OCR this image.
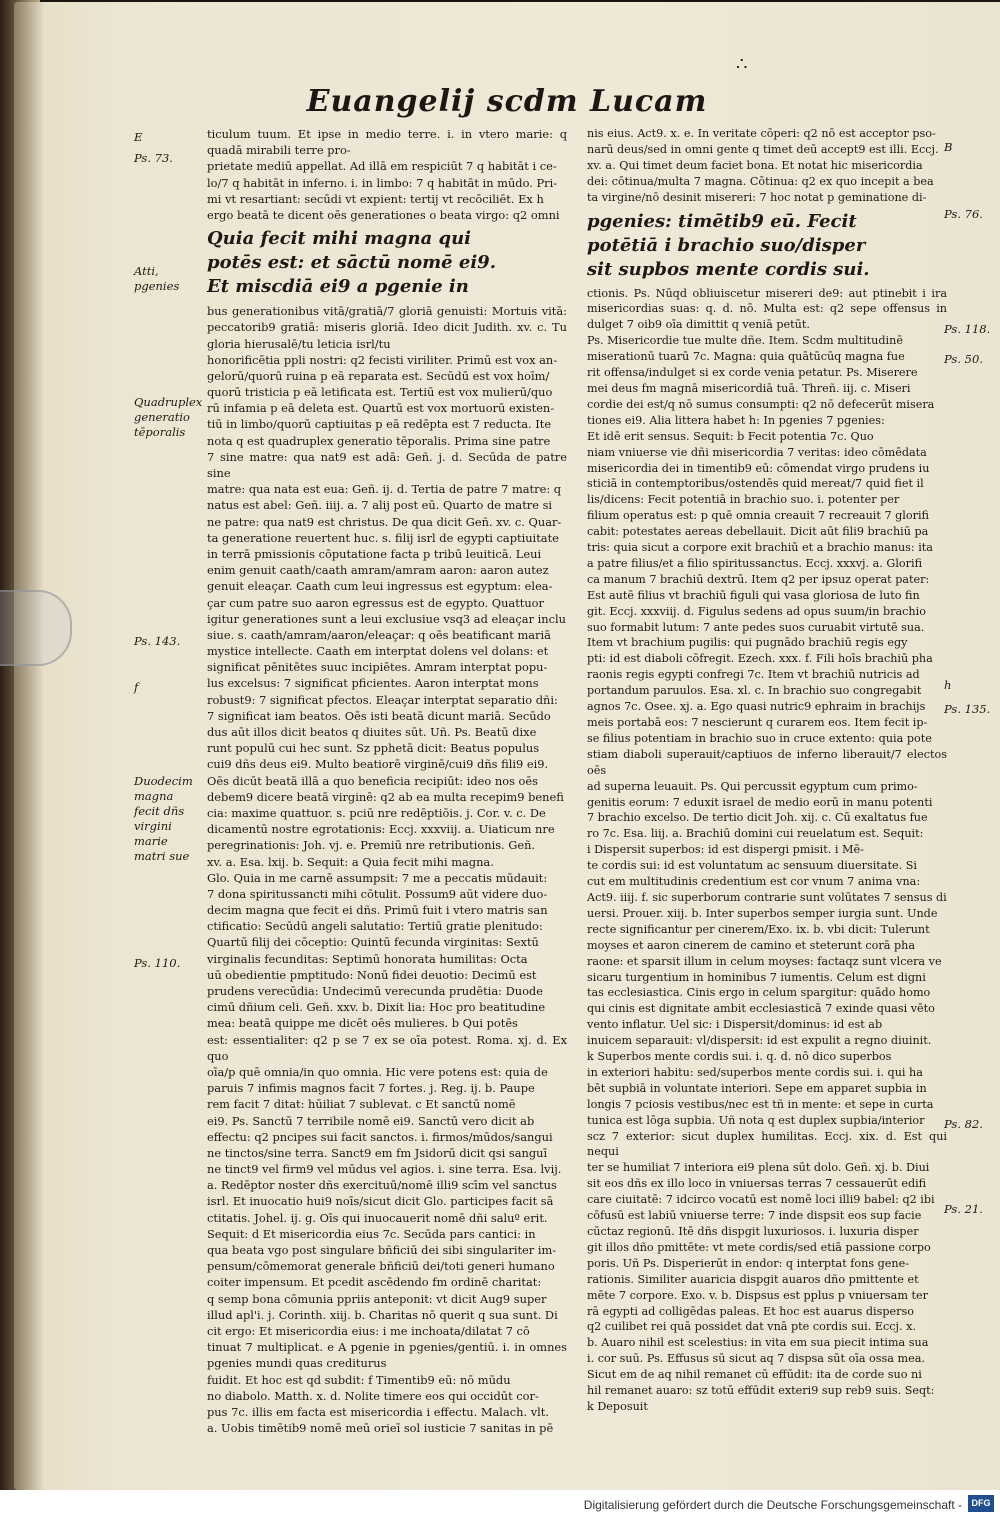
∴
Euangelij scdm Lucam

ticulum tuum. Et ipse in medio terre. i. in vtero marie: q quadā mirabili terre pro-

prietate mediū appellat. Ad illā em respiciūt 7 q habitāt i ce-

lo/7 q habitāt in inferno. i. in limbo: 7 q habitāt in mūdo. Pri-

mi vt resartiant: secūdi vt expient: tertij vt recōciliēt. Ex h

ergo beatā te dicent oēs generationes o beata virgo: q2 omni

Quia fecit mihi magna qui

potēs est: et sāctū nomē ei9.

Et miscdiā ei9 a pgenie in

bus generationibus vitā/gratiā/7 gloriā genuisti: Mortuis vitā: peccatorib9 gratiā: miseris gloriā. Ideo dicit Judith. xv. c. Tu gloria hierusalē/tu leticia isrl/tu

honorificētia ppli nostri: q2 fecisti viriliter. Primū est vox an-

gelorū/quorū ruina p eā reparata est. Secūdū est vox hoīm/

quorū tristicia p eā letificata est. Tertiū est vox mulierū/quo

rū infamia p eā deleta est. Quartū est vox mortuorū existen-

tiū in limbo/quorū captiuitas p eā redēpta est 7 reducta. Ite

nota q est quadruplex generatio tēporalis. Prima sine patre

7 sine matre: qua nat9 est adā: Geñ. j. d. Secūda de patre sine

matre: qua nata est eua: Geñ. ij. d. Tertia de patre 7 matre: q

natus est abel: Geñ. iiij. a. 7 alij post eū. Quarto de matre si

ne patre: qua nat9 est christus. De qua dicit Geñ. xv. c. Quar-

ta generatione reuertent huc. s. filij isrl de egypti captiuitate

in terrā pmissionis cōputatione facta p tribū leuiticā. Leui

enim genuit caath/caath amram/amram aaron: aaron autez

genuit eleaçar. Caath cum leui ingressus est egyptum: elea-

çar cum patre suo aaron egressus est de egypto. Quattuor

igitur generationes sunt a leui exclusiue vsq3 ad eleaçar inclu

siue. s. caath/amram/aaron/eleaçar: q oēs beatificant mariā

mystice intellecte. Caath em interptat dolens vel dolans: et

significat pēnitētes suuc incipiētes. Amram interptat popu-

lus excelsus: 7 significat pficientes. Aaron interptat mons

robust9: 7 significat pfectos. Eleaçar interptat separatio dñi:

7 significat iam beatos. Oēs isti beatā dicunt mariā. Secūdo

dus aūt illos dicit beatos q diuites sūt. Uñ. Ps. Beatū dixe

runt populū cui hec sunt. Sz pphetā dicit: Beatus populus

cui9 dñs deus ei9. Multo beatiorē virginē/cui9 dñs fili9 ei9.

Oēs dicūt beatā illā a quo beneficia recipiūt: ideo nos oēs

debem9 dicere beatā virginē: q2 ab ea multa recepim9 benefi

cia: maxime quattuor. s. pciū nre redēptiōis. j. Cor. v. c. De

dicamentū nostre egrotationis: Eccj. xxxviij. a. Uiaticum nre

peregrinationis: Joh. vj. e. Premiū nre retributionis. Geñ.

xv. a. Esa. lxij. b. Sequit: a Quia fecit mihi magna.

Glo. Quia in me carnē assumpsit: 7 me a peccatis mūdauit:

7 dona spiritussancti mihi cōtulit. Possum9 aūt videre duo-

decim magna que fecit ei dñs. Primū fuit i vtero matris san

ctificatio: Secūdū angeli salutatio: Tertiū gratie plenitudo:

Quartū filij dei cōceptio: Quintū fecunda virginitas: Sextū

virginalis fecunditas: Septimū honorata humilitas: Octa

uū obedientie pmptitudo: Nonū fidei deuotio: Decimū est

prudens verecūdia: Undecimū verecunda prudētia: Duode

cimū dñium celi. Geñ. xxv. b. Dixit lia: Hoc pro beatitudine

mea: beatā quippe me dicēt oēs mulieres. b Qui potēs

est: essentialiter: q2 p se 7 ex se oīa potest. Roma. xj. d. Ex quo

oīa/p quē omnia/in quo omnia. Hic vere potens est: quia de

paruis 7 infimis magnos facit 7 fortes. j. Reg. ij. b. Paupe

rem facit 7 ditat: hūiliat 7 sublevat. c Et sanctū nomē

ei9. Ps. Sanctū 7 terribile nomē ei9. Sanctū vero dicit ab

effectu: q2 pncipes sui facit sanctos. i. firmos/mūdos/sangui

ne tinctos/sine terra. Sanct9 em fm Jsidorū dicit qsi sanguī

ne tinct9 vel firm9 vel mūdus vel agios. i. sine terra. Esa. lvij.

a. Redēptor noster dñs exercituū/nomē illi9 scīm vel sanctus

isrl. Et inuocatio hui9 noīs/sicut dicit Glo. participes facit sā

ctitatis. Johel. ij. g. Oīs qui inuocauerit nomē dñi saluº erit.

Sequit: d Et misericordia eius 7c. Secūda pars cantici: in

qua beata vgo post singulare bñficiū dei sibi singulariter im-

pensum/cōmemorat generale bñficiū dei/toti generi humano

coiter impensum. Et pcedit ascēdendo fm ordinē charitat:

q semp bona cōmunia ppriis anteponit: vt dicit Aug9 super

illud apl'i. j. Corinth. xiij. b. Charitas nō querit q sua sunt. Di

cit ergo: Et misericordia eius: i me inchoata/dilatat 7 cō

tinuat 7 multiplicat. e A pgenie in pgenies/gentiū. i. in omnes pgenies mundi quas crediturus

fuidit. Et hoc est qd subdit: f Timentib9 eū: nō mūdu

no diabolo. Matth. x. d. Nolite timere eos qui occidūt cor-

pus 7c. illis em facta est misericordia i effectu. Malach. vlt.

a. Uobis timētib9 nomē meū orieī sol iusticie 7 sanitas in pē

nis eius. Act9. x. e. In veritate cōperi: q2 nō est acceptor pso-

narū deus/sed in omni gente q timet deū accept9 est illi. Eccj.

xv. a. Qui timet deum faciet bona. Et notat hic misericordia

dei: cōtinua/multa 7 magna. Cōtinua: q2 ex quo incepit a bea

ta virgine/nō desinit misereri: 7 hoc notat p geminatione di-

pgenies: timētib9 eū. Fecit

potētiā i brachio suo/disper

sit supbos mente cordis sui.

ctionis. Ps. Nūqd obliuiscetur misereri de9: aut ptinebit i ira misericordias suas: q. d. nō. Multa est: q2 sepe offensus in dulget 7 oib9 oīa dimittit q veniā petūt.

Ps. Misericordie tue multe dñe. Item. Scdm multitudinē

miserationū tuarū 7c. Magna: quia quātūcūq magna fue

rit offensa/indulget si ex corde venia petatur. Ps. Miserere

mei deus fm magnā misericordiā tuā. Threñ. iij. c. Miseri

cordie dei est/q nō sumus consumpti: q2 nō defecerūt misera

tiones ei9. Alia littera habet h: In pgenies 7 pgenies:

Et idē erit sensus. Sequit: b Fecit potentia 7c. Quo

niam vniuerse vie dñi misericordia 7 veritas: ideo cōmēdata

misericordia dei in timentib9 eū: cōmendat virgo prudens iu

sticiā in contemptoribus/ostendēs quid mereat/7 quid fiet il

lis/dicens: Fecit potentiā in brachio suo. i. potenter per

filium operatus est: p quē omnia creauit 7 recreauit 7 glorifi

cabit: potestates aereas debellauit. Dicit aūt fili9 brachiū pa

tris: quia sicut a corpore exit brachiū et a brachio manus: ita

a patre filius/et a filio spiritussanctus. Eccj. xxxvj. a. Glorifi

ca manum 7 brachiū dextrū. Item q2 per ipsuz operat pater:

Est autē filius vt brachiū figuli qui vasa gloriosa de luto fin

git. Eccj. xxxviij. d. Figulus sedens ad opus suum/in brachio

suo formabit lutum: 7 ante pedes suos curuabit virtutē sua.

Item vt brachium pugilis: qui pugnādo brachiū regis egy

pti: id est diaboli cōfregit. Ezech. xxx. f. Fili hoīs brachiū pha

raonis regis egypti confregi 7c. Item vt brachiū nutricis ad

portandum paruulos. Esa. xl. c. In brachio suo congregabit

agnos 7c. Osee. xj. a. Ego quasi nutric9 ephraim in brachijs

meis portabā eos: 7 nescierunt q curarem eos. Item fecit ip-

se filius potentiam in brachio suo in cruce extento: quia pote

stiam diaboli superauit/captiuos de inferno liberauit/7 electos oēs

ad superna leuauit. Ps. Qui percussit egyptum cum primo-

genitis eorum: 7 eduxit israel de medio eorū in manu potenti

7 brachio excelso. De tertio dicit Joh. xij. c. Cū exaltatus fue

ro 7c. Esa. liij. a. Brachiū domini cui reuelatum est. Sequit:

i Dispersit superbos: id est dispergi pmisit. i Mē-

te cordis sui: id est voluntatum ac sensuum diuersitate. Si

cut em multitudinis credentium est cor vnum 7 anima vna:

Act9. iiij. f. sic superborum contrarie sunt volūtates 7 sensus di

uersi. Prouer. xiij. b. Inter superbos semper iurgia sunt. Unde

recte significantur per cinerem/Exo. ix. b. vbi dicit: Tulerunt

moyses et aaron cinerem de camino et steterunt corā pha

raone: et sparsit illum in celum moyses: factaqz sunt vlcera ve

sicaru turgentium in hominibus 7 iumentis. Celum est digni

tas ecclesiastica. Cinis ergo in celum spargitur: quādo homo

qui cinis est dignitate ambit ecclesiasticā 7 exinde quasi vēto

vento inflatur. Uel sic: i Dispersit/dominus: id est ab

inuicem separauit: vl/dispersit: id est expulit a regno diuinit.

k Superbos mente cordis sui. i. q. d. nō dico superbos

in exteriori habitu: sed/superbos mente cordis sui. i. qui ha

bēt supbiā in voluntate interiori. Sepe em apparet supbia in

longis 7 pciosis vestibus/nec est tñ in mente: et sepe in curta

tunica est lōga supbia. Uñ nota q est duplex supbia/interior

scz 7 exterior: sicut duplex humilitas. Eccj. xix. d. Est qui nequi

ter se humiliat 7 interiora ei9 plena sūt dolo. Geñ. xj. b. Diui

sit eos dñs ex illo loco in vniuersas terras 7 cessauerūt edifi

care ciuitatē: 7 idcirco vocatū est nomē loci illi9 babel: q2 ibi

cōfusū est labiū vniuerse terre: 7 inde dispsit eos sup facie

cūctaz regionū. Itē dñs dispgit luxuriosos. i. luxuria disper

git illos dño pmittēte: vt mete cordis/sed etiā passione corpo

poris. Uñ Ps. Disperierūt in endor: q interptat fons gene-

rationis. Similiter auaricia dispgit auaros dño pmittente et

mēte 7 corpore. Exo. v. b. Dispsus est pplus p vniuersam ter

rā egypti ad colligēdas paleas. Et hoc est auarus disperso

q2 cuilibet rei quā possidet dat vnā pte cordis sui. Eccj. x.

b. Auaro nihil est scelestius: in vita em sua piecit intima sua

i. cor suū. Ps. Effusus sū sicut aq 7 dispsa sūt oīa ossa mea.

Sicut em de aq nihil remanet cū effūdit: ita de corde suo ni

hil remanet auaro: sz totū effūdit exteri9 sup reb9 suis. Seqt:

k Deposuit

E
Ps. 73.
Atti, pgenies
Quadruplex generatio tēporalis
Ps. 143.
f
Duodecim magna fecit dñs virgini marie matri sue
Ps. 110.
B
Ps. 76.
Ps. 118.
Ps. 50.
h
Ps. 135.
Ps. 82.
Ps. 21.
Digitalisierung gefördert durch die Deutsche Forschungsgemeinschaft -	DFG
